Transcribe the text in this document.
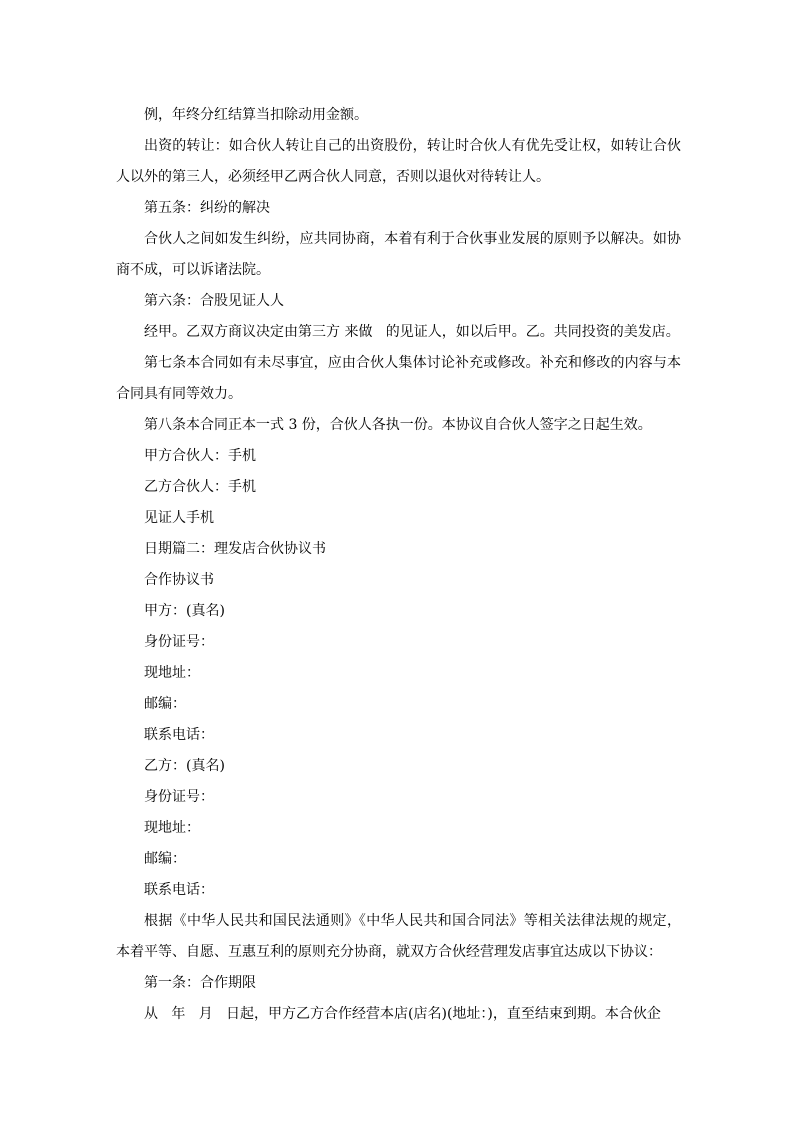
例，年终分红结算当扣除动用金额。

出资的转让：如合伙人转让自己的出资股份，转让时合伙人有优先受让权，如转让合伙人以外的第三人，必须经甲乙两合伙人同意，否则以退伙对待转让人。

第五条：纠纷的解决

合伙人之间如发生纠纷，应共同协商，本着有利于合伙事业发展的原则予以解决。如协商不成，可以诉诸法院。

第六条：合股见证人人

经甲。乙双方商议决定由第三方 来做   的见证人，如以后甲。乙。共同投资的美发店。

第七条本合同如有未尽事宜，应由合伙人集体讨论补充或修改。补充和修改的内容与本合同具有同等效力。

第八条本合同正本一式 3 份，合伙人各执一份。本协议自合伙人签字之日起生效。

甲方合伙人：手机

乙方合伙人：手机

见证人手机

日期篇二：理发店合伙协议书

合作协议书

甲方：(真名)

身份证号：

现地址：

邮编：

联系电话：

乙方：(真名)

身份证号：

现地址：

邮编：

联系电话：

根据《中华人民共和国民法通则》《中华人民共和国合同法》等相关法律法规的规定，本着平等、自愿、互惠互利的原则充分协商，就双方合伙经营理发店事宜达成以下协议：

第一条：合作期限

从   年   月   日起，甲方乙方合作经营本店(店名)(地址：)，直至结束到期。本合伙企
